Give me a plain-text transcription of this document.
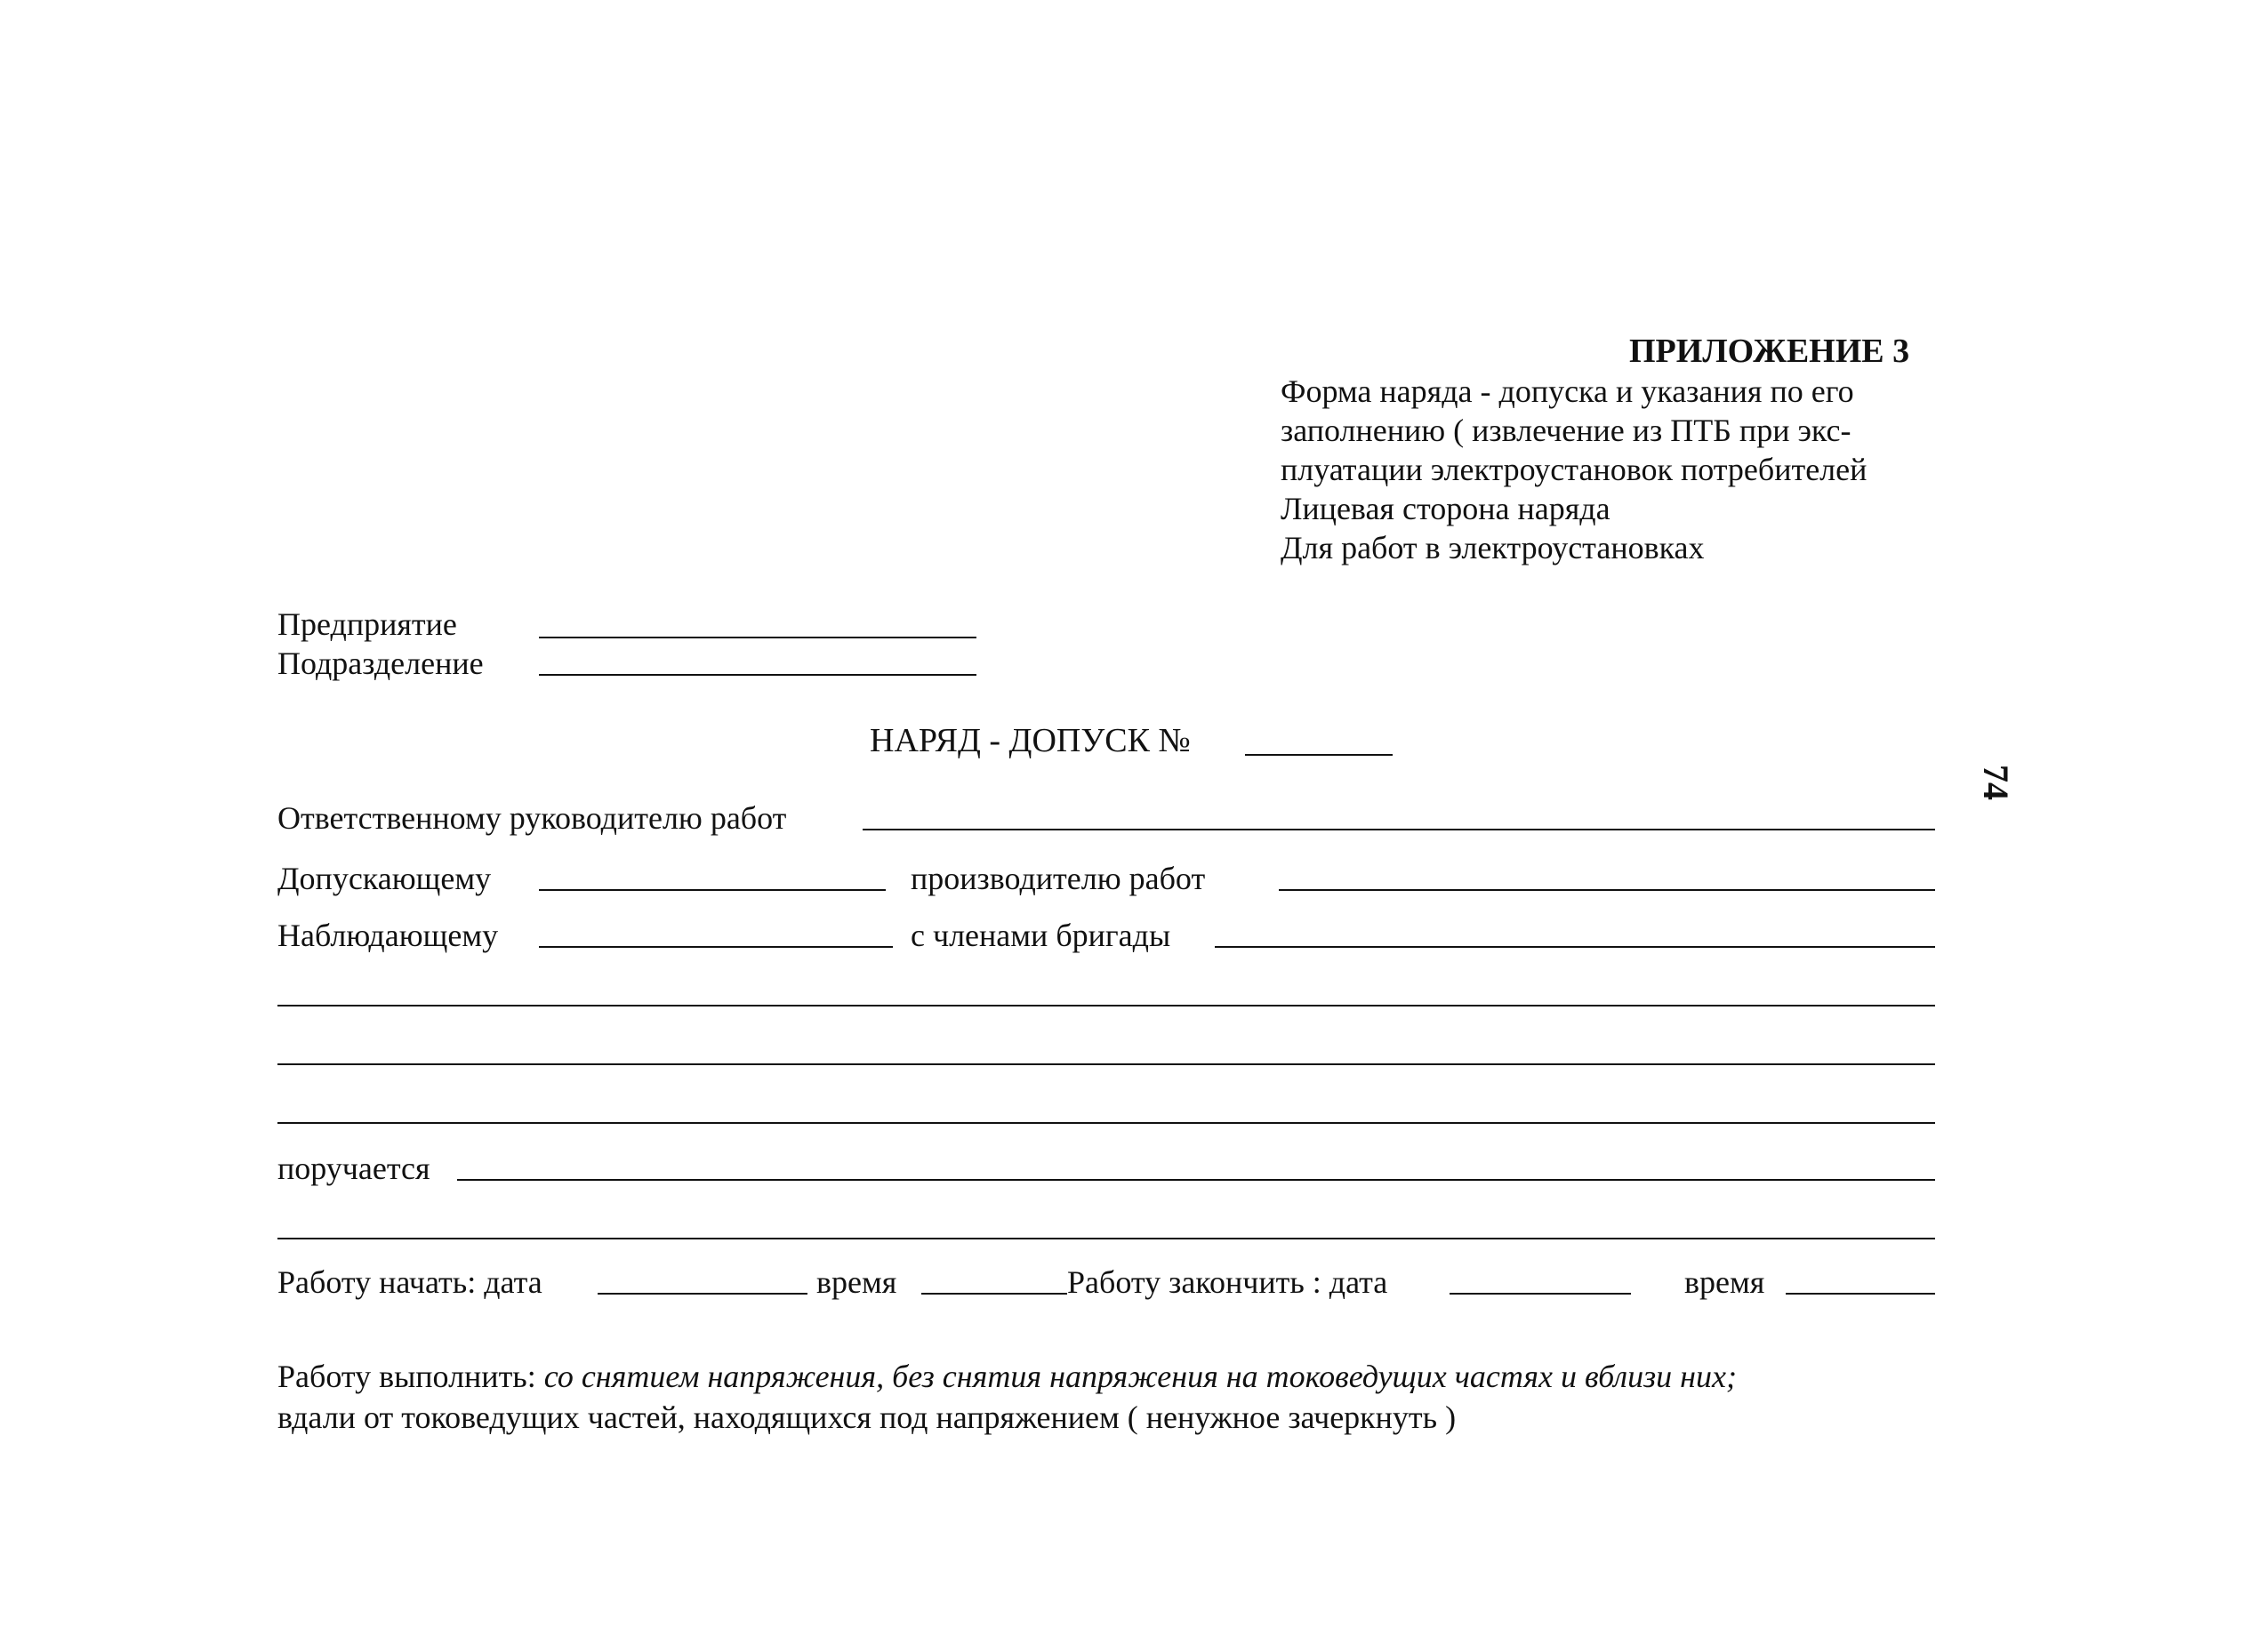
ПРИЛОЖЕНИЕ 3
Форма наряда - допуска и указания по его
заполнению ( извлечение из ПТБ при экс-
плуатации электроустановок потребителей
Лицевая сторона наряда
Для работ в электроустановках
74
Предприятие
Подразделение
НАРЯД - ДОПУСК №
Ответственному руководителю работ
Допускающему	производителю работ
Наблюдающему	с членами бригады
поручается
Работу начать: дата	время	Работу закончить : дата	время
Работу выполнить: со снятием напряжения, без снятия напряжения на токоведущих частях и вблизи них;
вдали от токоведущих частей, находящихся под напряжением ( ненужное зачеркнуть )
